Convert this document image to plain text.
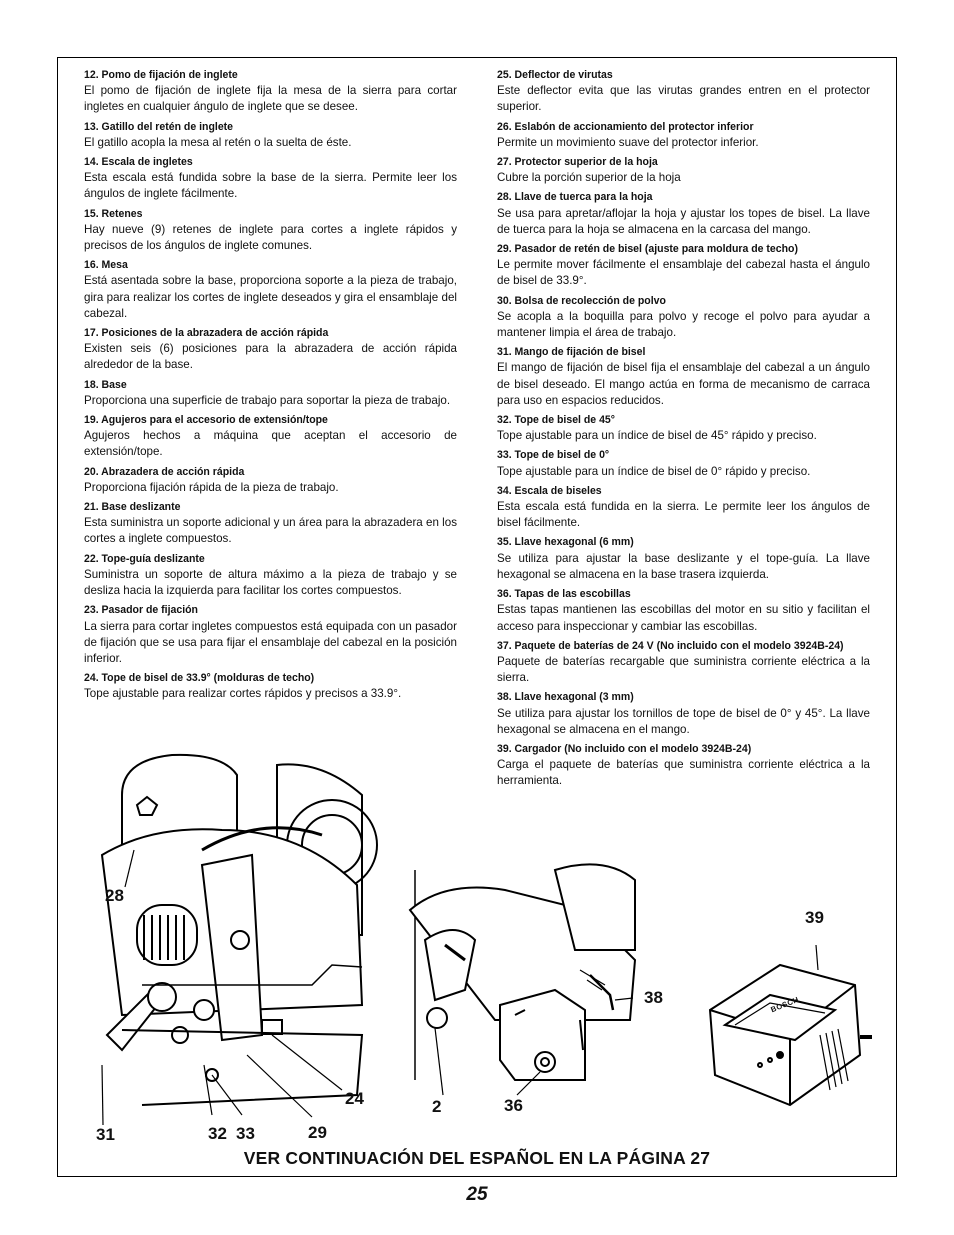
12. Pomo de fijación de inglete
El pomo de fijación de inglete fija la mesa de la sierra para cortar ingletes en cualquier ángulo de inglete que se desee.
13. Gatillo del retén de inglete
El gatillo acopla la mesa al retén o la suelta de éste.
14. Escala de ingletes
Esta escala está fundida sobre la base de la sierra. Permite leer los ángulos de inglete fácilmente.
15. Retenes
Hay nueve (9) retenes de inglete para cortes a inglete rápidos y precisos de los ángulos de inglete comunes.
16. Mesa
Está asentada sobre la base, proporciona soporte a la pieza de trabajo, gira para realizar los cortes de inglete deseados y gira el ensamblaje del cabezal.
17. Posiciones de la abrazadera de acción rápida
Existen seis (6) posiciones para la abrazadera de acción rápida alrededor de la base.
18. Base
Proporciona una superficie de trabajo para soportar la pieza de trabajo.
19. Agujeros para el accesorio de extensión/tope
Agujeros hechos a máquina que aceptan el accesorio de extensión/tope.
20. Abrazadera de acción rápida
Proporciona fijación rápida de la pieza de trabajo.
21. Base deslizante
Esta suministra un soporte adicional y un área para la abrazadera en los cortes a inglete compuestos.
22. Tope-guía deslizante
Suministra un soporte de altura máximo a la pieza de trabajo y se desliza hacia la izquierda para facilitar los cortes compuestos.
23. Pasador de fijación
La sierra para cortar ingletes compuestos está equipada con un pasador de fijación que se usa para fijar el ensamblaje del cabezal en la posición inferior.
24. Tope de bisel de 33.9° (molduras de techo)
Tope ajustable para realizar cortes rápidos y precisos a 33.9°.
25. Deflector de virutas
Este deflector evita que las virutas grandes entren en el protector superior.
26. Eslabón de accionamiento del protector inferior
Permite un movimiento suave del protector inferior.
27. Protector superior de la hoja
Cubre la porción superior de la hoja
28. Llave de tuerca para la hoja
Se usa para apretar/aflojar la hoja y ajustar los topes de bisel. La llave de tuerca para la hoja se almacena en la carcasa del mango.
29. Pasador de retén de bisel (ajuste para moldura de techo)
Le permite mover fácilmente el ensamblaje del cabezal hasta el ángulo de bisel de 33.9°.
30. Bolsa de recolección de polvo
Se acopla a la boquilla para polvo y recoge el polvo para ayudar a mantener limpia el área de trabajo.
31. Mango de fijación de bisel
El mango de fijación de bisel fija el ensamblaje del cabezal a un ángulo de bisel deseado. El mango actúa en forma de mecanismo de carraca para uso en espacios reducidos.
32. Tope de bisel de 45°
Tope ajustable para un índice de bisel de 45° rápido y preciso.
33. Tope de bisel de 0°
Tope ajustable para un índice de bisel de 0° rápido y preciso.
34. Escala de biseles
Esta escala está fundida en la sierra. Le permite leer los ángulos de bisel fácilmente.
35. Llave hexagonal (6 mm)
Se utiliza para ajustar la base deslizante y el tope-guía. La llave hexagonal se almacena en la base trasera izquierda.
36. Tapas de las escobillas
Estas tapas mantienen las escobillas del motor en su sitio y facilitan el acceso para inspeccionar y cambiar las escobillas.
37. Paquete de baterías de 24 V (No incluido con el modelo 3924B-24)
Paquete de baterías recargable que suministra corriente eléctrica a la sierra.
38. Llave hexagonal (3 mm)
Se utiliza para ajustar los tornillos de tope de bisel de 0° y 45°. La llave hexagonal se almacena en el mango.
39. Cargador (No incluido con el modelo 3924B-24)
Carga el paquete de baterías que suministra corriente eléctrica a la herramienta.
28
24
31	32 33	29
38
2	36
BOSCH
39
VER CONTINUACIÓN DEL ESPAÑOL EN LA PÁGINA 27
25
